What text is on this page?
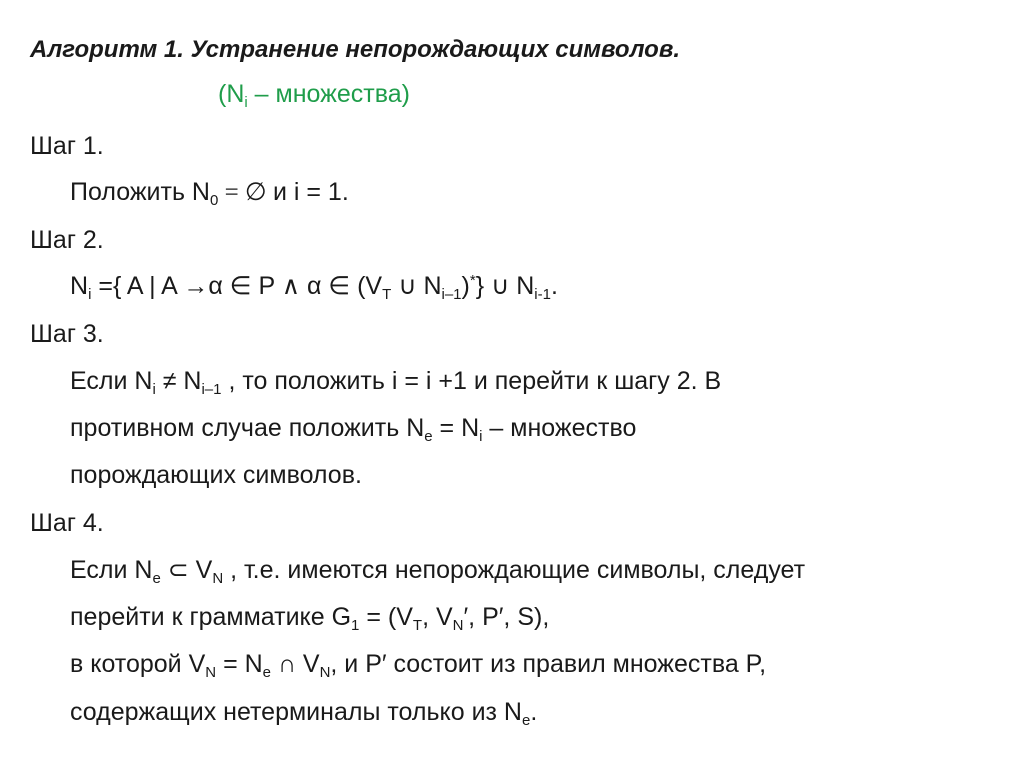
Алгоритм 1. Устранение непорождающих символов.
($N_i$ – множества)
Шаг 1.
Положить $N_0$ = ∅ и i = 1.
Шаг 2.
$N_i$ ={ A | A →α ∈ P ∧ α ∈ ($V_T$ ∪ $N_{i-1})^*$} ∪ $N_{i-1}$.
Шаг 3.
Если $N_i \ne N_{i-1}$ , то положить i = i +1 и перейти к шагу 2. В
противном случае положить $N_e = N_i$ – множество
порождающих символов.
Шаг 4.
Если $N_e$ ⊂ $V_N$ , т.е. имеются непорождающие символы, следует
перейти к грамматике $G_1 = (V_T$, $V_N'$, P′, S),
в которой $V_N = N_e$ ∩ $V_N$, и P′ состоит из правил множества P,
содержащих нетерминалы только из $N_e$.
